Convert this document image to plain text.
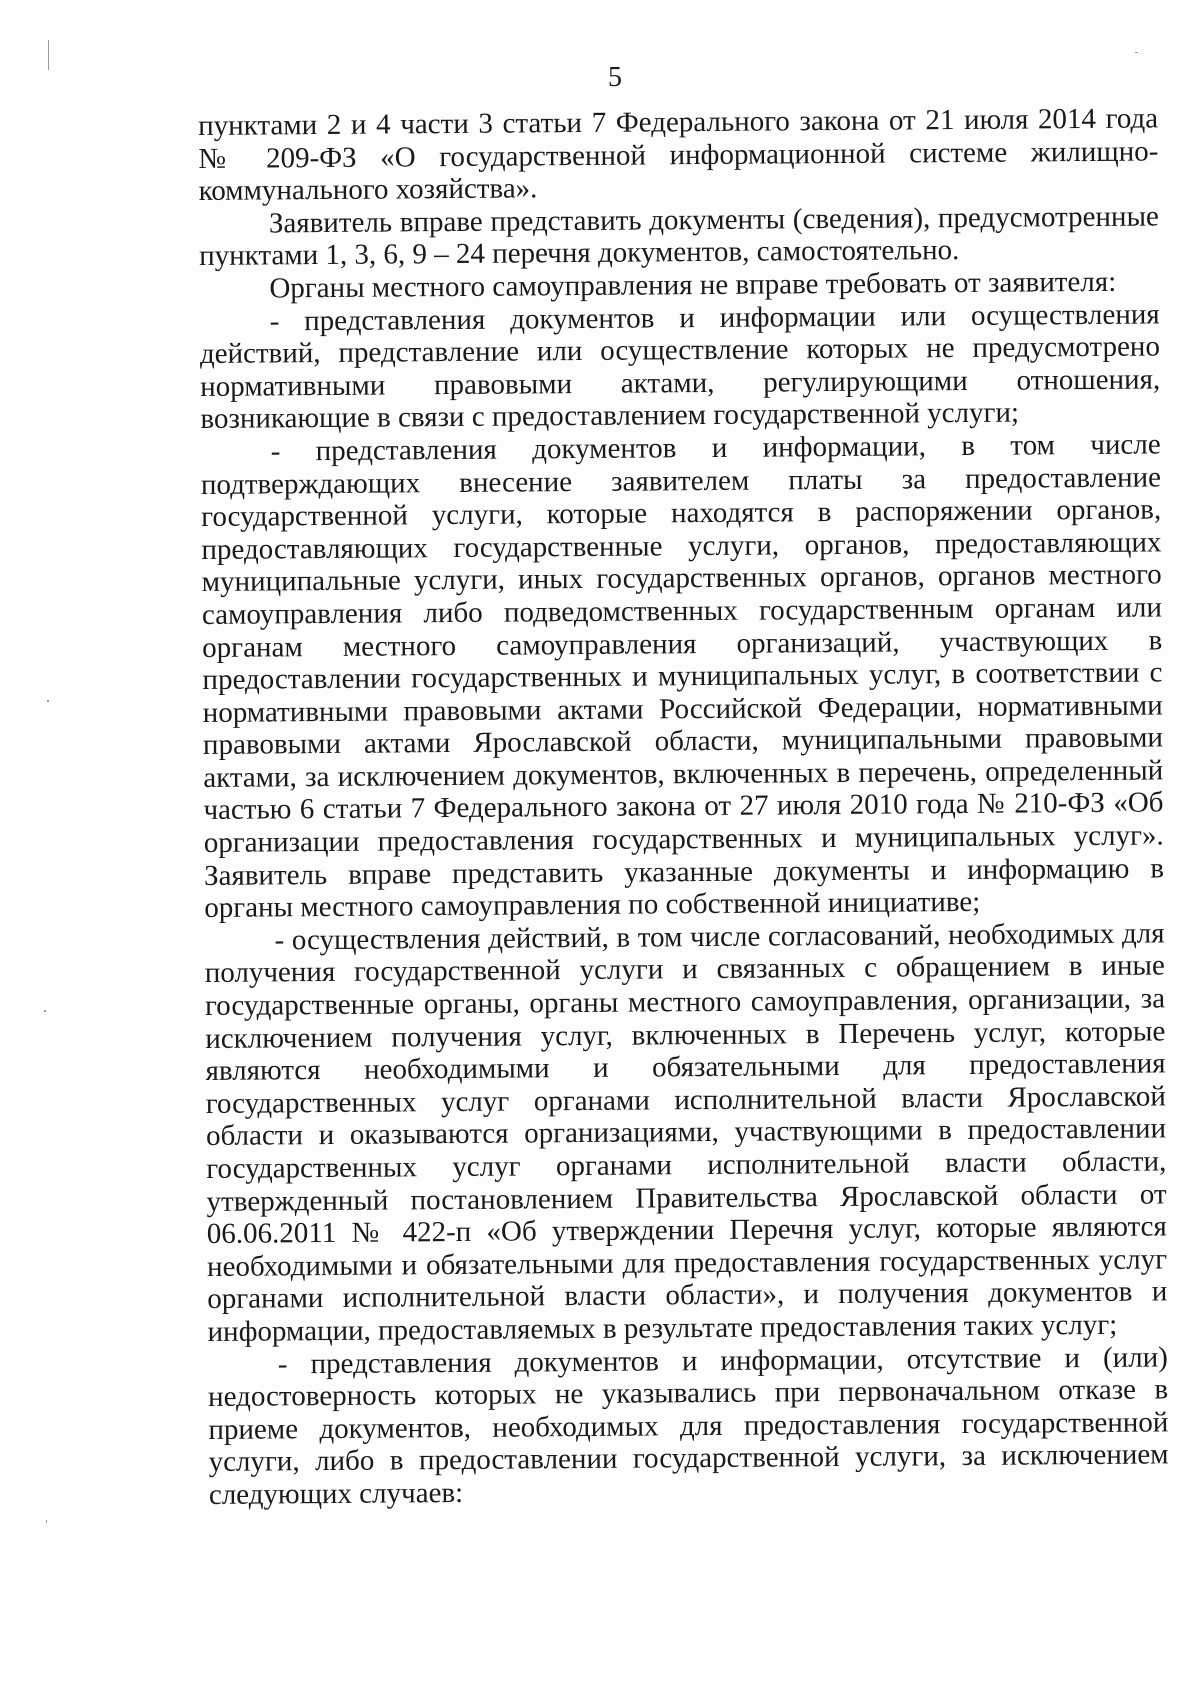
5

пунктами 2 и 4 части 3 статьи 7 Федерального закона от 21 июля 2014 года № 209-ФЗ «О государственной информационной системе жилищно-коммунального хозяйства».

Заявитель вправе представить документы (сведения), предусмотренные пунктами 1, 3, 6, 9 – 24 перечня документов, самостоятельно.

Органы местного самоуправления не вправе требовать от заявителя:

- представления документов и информации или осуществления действий, представление или осуществление которых не предусмотрено нормативными правовыми актами, регулирующими отношения, возникающие в связи с предоставлением государственной услуги;

- представления документов и информации, в том числе подтверждающих внесение заявителем платы за предоставление государственной услуги, которые находятся в распоряжении органов, предоставляющих государственные услуги, органов, предоставляющих муниципальные услуги, иных государственных органов, органов местного самоуправления либо подведомственных государственным органам или органам местного самоуправления организаций, участвующих в предоставлении государственных и муниципальных услуг, в соответствии с нормативными правовыми актами Российской Федерации, нормативными правовыми актами Ярославской области, муниципальными правовыми актами, за исключением документов, включенных в перечень, определенный частью 6 статьи 7 Федерального закона от 27 июля 2010 года № 210-ФЗ «Об организации предоставления государственных и муниципальных услуг». Заявитель вправе представить указанные документы и информацию в органы местного самоуправления по собственной инициативе;

- осуществления действий, в том числе согласований, необходимых для получения государственной услуги и связанных с обращением в иные государственные органы, органы местного самоуправления, организации, за исключением получения услуг, включенных в Перечень услуг, которые являются необходимыми и обязательными для предоставления государственных услуг органами исполнительной власти Ярославской области и оказываются организациями, участвующими в предоставлении государственных услуг органами исполнительной власти области, утвержденный постановлением Правительства Ярославской области от 06.06.2011 № 422-п «Об утверждении Перечня услуг, которые являются необходимыми и обязательными для предоставления государственных услуг органами исполнительной власти области», и получения документов и информации, предоставляемых в результате предоставления таких услуг;

- представления документов и информации, отсутствие и (или) недостоверность которых не указывались при первоначальном отказе в приеме документов, необходимых для предоставления государственной услуги, либо в предоставлении государственной услуги, за исключением следующих случаев:
